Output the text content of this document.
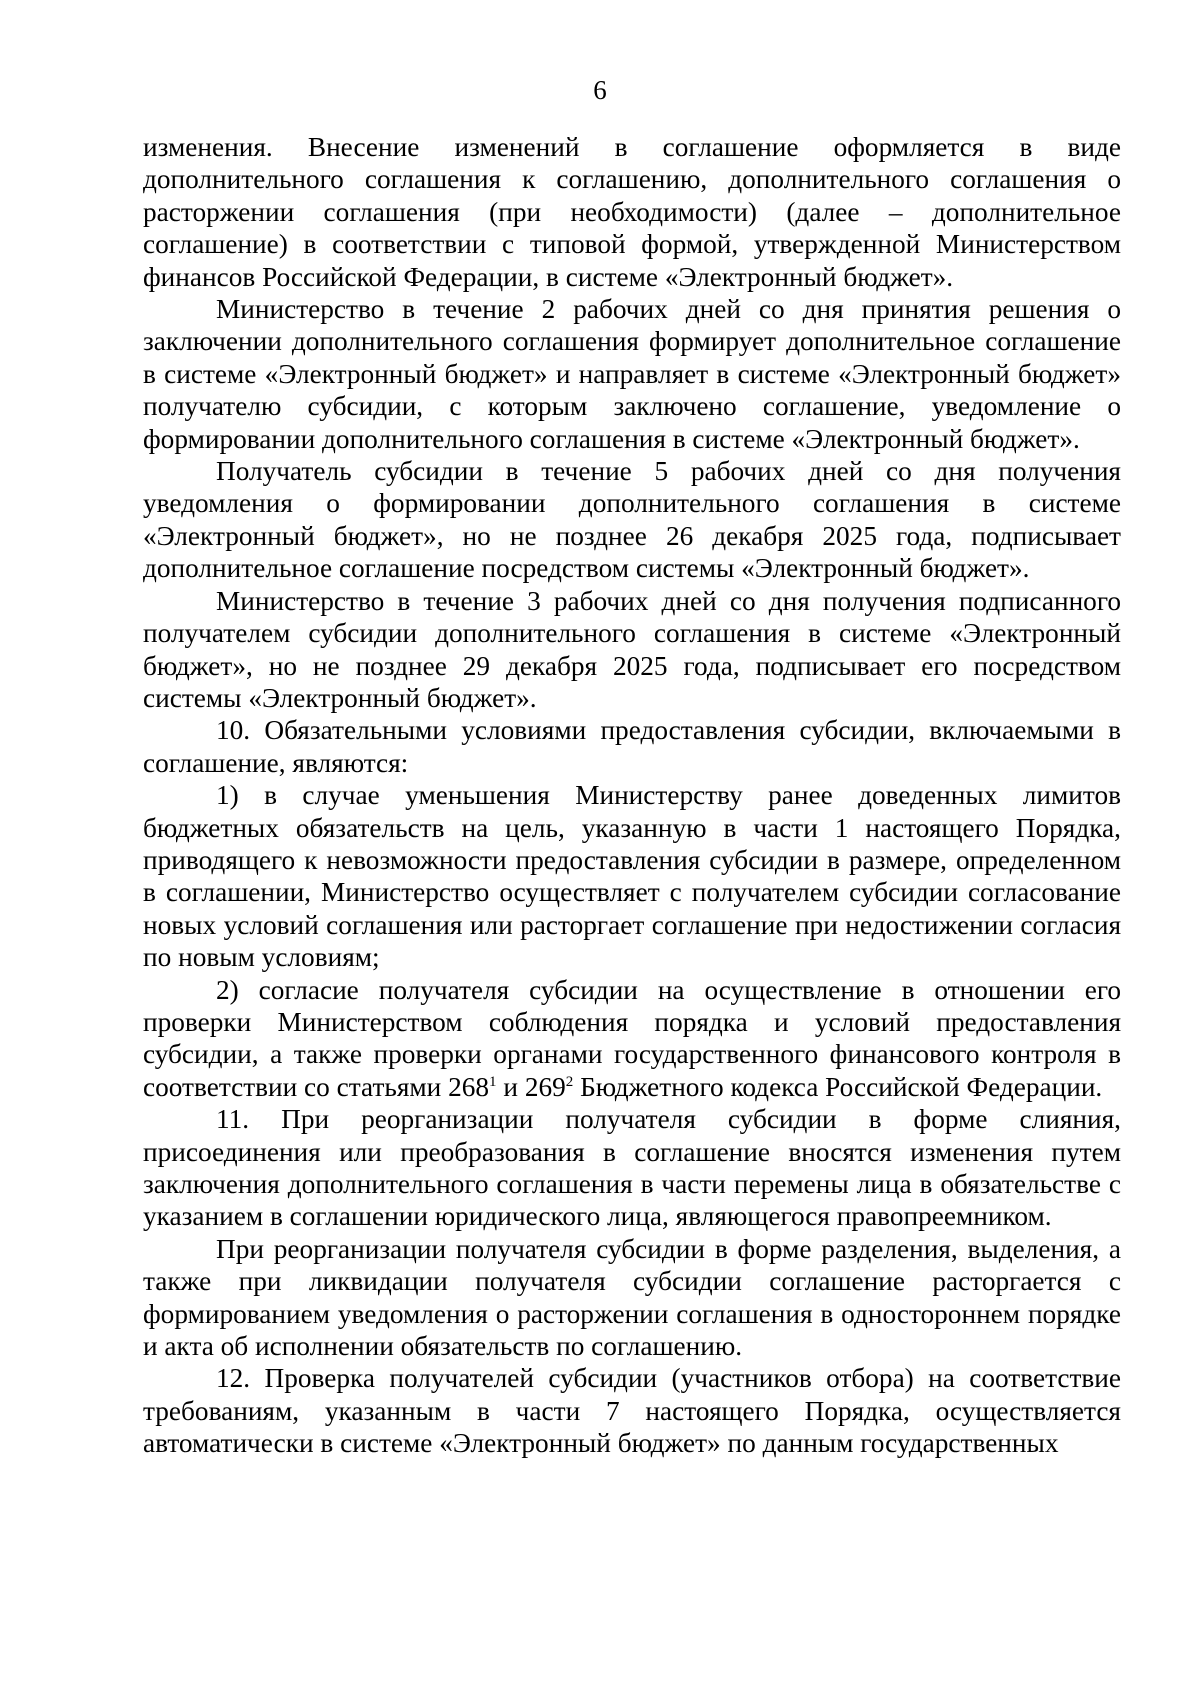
6

изменения. Внесение изменений в соглашение оформляется в виде дополнительного соглашения к соглашению, дополнительного соглашения о расторжении соглашения (при необходимости) (далее – дополнительное соглашение) в соответствии с типовой формой, утвержденной Министерством финансов Российской Федерации, в системе «Электронный бюджет».

Министерство в течение 2 рабочих дней со дня принятия решения о заключении дополнительного соглашения формирует дополнительное соглашение в системе «Электронный бюджет» и направляет в системе «Электронный бюджет» получателю субсидии, с которым заключено соглашение, уведомление о формировании дополнительного соглашения в системе «Электронный бюджет».

Получатель субсидии в течение 5 рабочих дней со дня получения уведомления о формировании дополнительного соглашения в системе «Электронный бюджет», но не позднее 26 декабря 2025 года, подписывает дополнительное соглашение посредством системы «Электронный бюджет».

Министерство в течение 3 рабочих дней со дня получения подписанного получателем субсидии дополнительного соглашения в системе «Электронный бюджет», но не позднее 29 декабря 2025 года, подписывает его посредством системы «Электронный бюджет».

10. Обязательными условиями предоставления субсидии, включаемыми в соглашение, являются:

1) в случае уменьшения Министерству ранее доведенных лимитов бюджетных обязательств на цель, указанную в части 1 настоящего Порядка, приводящего к невозможности предоставления субсидии в размере, определенном в соглашении, Министерство осуществляет с получателем субсидии согласование новых условий соглашения или расторгает соглашение при недостижении согласия по новым условиям;

2) согласие получателя субсидии на осуществление в отношении его проверки Министерством соблюдения порядка и условий предоставления субсидии, а также проверки органами государственного финансового контроля в соответствии со статьями $268^1$ и $269^2$ Бюджетного кодекса Российской Федерации.

11. При реорганизации получателя субсидии в форме слияния, присоединения или преобразования в соглашение вносятся изменения путем заключения дополнительного соглашения в части перемены лица в обязательстве с указанием в соглашении юридического лица, являющегося правопреемником.

При реорганизации получателя субсидии в форме разделения, выделения, а также при ликвидации получателя субсидии соглашение расторгается с формированием уведомления о расторжении соглашения в одностороннем порядке и акта об исполнении обязательств по соглашению.

12. Проверка получателей субсидии (участников отбора) на соответствие требованиям, указанным в части 7 настоящего Порядка, осуществляется автоматически в системе «Электронный бюджет» по данным государственных
